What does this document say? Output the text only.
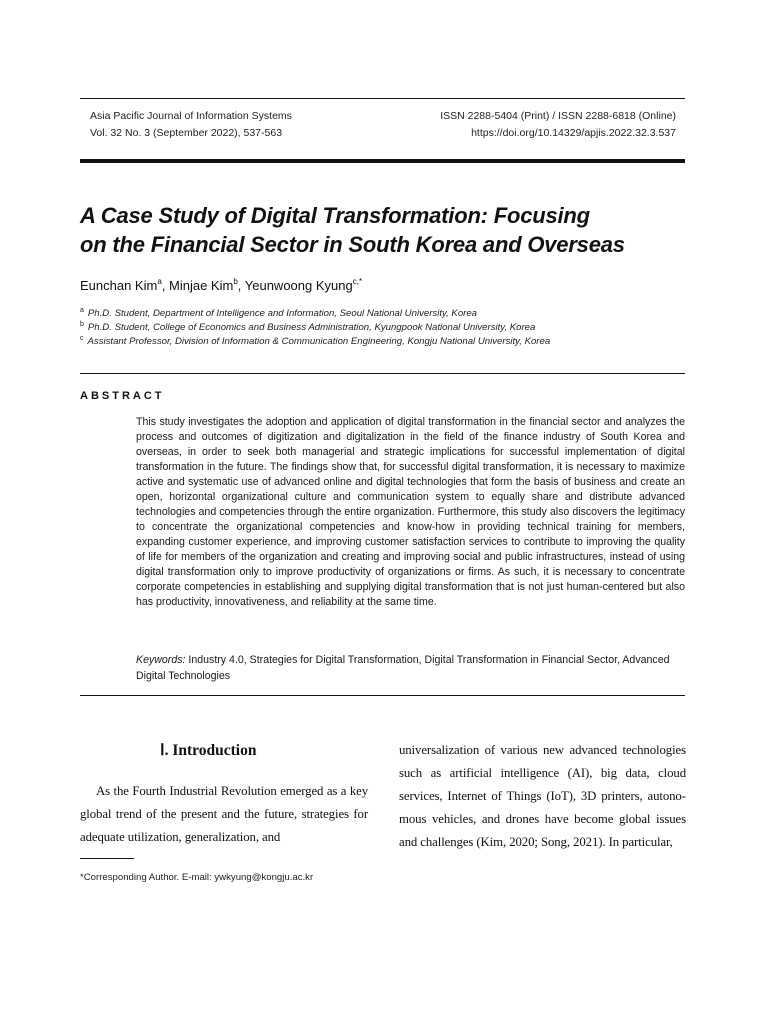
Asia Pacific Journal of Information Systems
Vol. 32 No. 3 (September 2022), 537-563
ISSN 2288-5404 (Print) / ISSN 2288-6818 (Online)
https://doi.org/10.14329/apjis.2022.32.3.537
A Case Study of Digital Transformation: Focusing
on the Financial Sector in South Korea and Overseas
Eunchan Kim$^a$, Minjae Kim$^b$, Yeunwoong Kyung$^{c,*}$
$^a$ Ph.D. Student, Department of Intelligence and Information, Seoul National University, Korea
$^b$ Ph.D. Student, College of Economics and Business Administration, Kyungpook National University, Korea
$^c$ Assistant Professor, Division of Information & Communication Engineering, Kongju National University, Korea
ABSTRACT

This study investigates the adoption and application of digital transformation in the financial sector and analyzes the process and outcomes of digitization and digitalization in the field of the finance industry of South Korea and overseas, in order to seek both managerial and strategic implications for successful implementation of digital transformation in the future. The findings show that, for successful digital transformation, it is necessary to maximize active and systematic use of advanced online and digital technologies that form the basis of business and create an open, horizontal organizational culture and communication system to equally share and distribute advanced technologies and competencies through the entire organization. Furthermore, this study also discovers the legitimacy to concentrate the organizational competencies and know-how in providing technical training for members, expanding customer experience, and improving customer satisfaction services to contribute to improving the quality of life for members of the organization and creating and improving social and public infrastructures, instead of using digital transformation only to improve productivity of organizations or firms. As such, it is necessary to concentrate corporate competencies in establishing and supplying digital transformation that is not just human-centered but also has productivity, innovativeness, and reliability at the same time.

Keywords: Industry 4.0, Strategies for Digital Transformation, Digital Transformation in Financial Sector, Advanced Digital Technologies
Ⅰ. Introduction

As the Fourth Industrial Revolution emerged as a key global trend of the present and the future, strategies for adequate utilization, generalization, and

universalization of various new advanced technologies such as artificial intelligence (AI), big data, cloud services, Internet of Things (IoT), 3D printers, autonomous vehicles, and drones have become global issues and challenges (Kim, 2020; Song, 2021). In particular,

*Corresponding Author. E-mail: ywkyung@kongju.ac.kr
